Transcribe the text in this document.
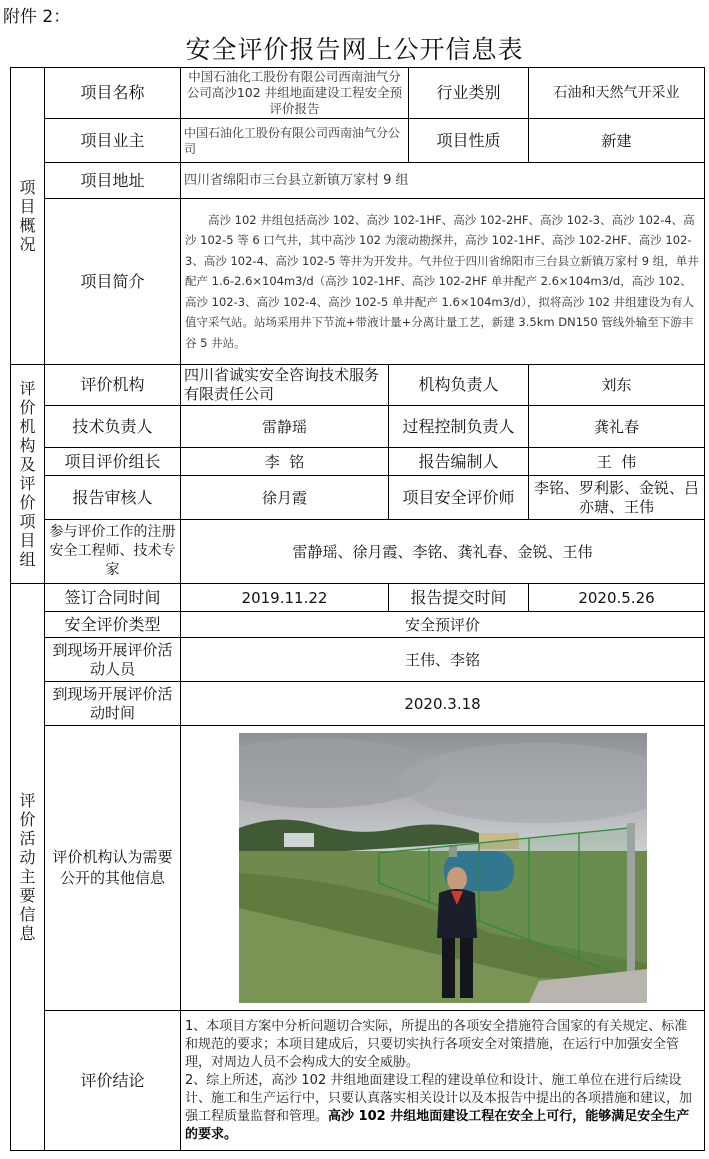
附件 2：
安全评价报告网上公开信息表
项目概况	项目名称	中国石油化工股份有限公司西南油气分公司高沙102 井组地面建设工程安全预评价报告		行业类别	石油和天然气开采业
	项目业主	中国石油化工股份有限公司西南油气分公司		项目性质	新建
	项目地址	四川省绵阳市三台县立新镇万家村 9 组			
	项目简介	高沙 102 井组包括高沙 102、高沙 102-1HF、高沙 102-2HF、高沙 102-3、高沙 102-4、高沙 102-5 等 6 口气井，其中高沙 102 为滚动勘探井，高沙 102-1HF、高沙 102-2HF、高沙 102-3、高沙 102-4、高沙 102-5 等井为开发井。气井位于四川省绵阳市三台县立新镇万家村 9 组，单井配产 1.6-2.6×104m3/d（高沙 102-1HF、高沙 102-2HF 单井配产 2.6×104m3/d，高沙 102、高沙 102-3、高沙 102-4、高沙 102-5 单井配产 1.6×104m3/d），拟将高沙 102 井组建设为有人值守采气站。站场采用井下节流+带液计量+分离计量工艺，新建 3.5km DN150 管线外输至下游丰谷 5 井站。			
评价机构及评价项目组	评价机构	四川省诚实安全咨询技术服务有限责任公司	机构负责人		刘东
	技术负责人	雷静瑶	过程控制负责人		龚礼春
	项目评价组长	李  铭	报告编制人		王  伟
	报告审核人	徐月霞	项目安全评价师		李铭、罗利影、金锐、吕亦瑭、王伟
	参与评价工作的注册安全工程师、技术专家	雷静瑶、徐月霞、李铭、龚礼春、金锐、王伟			
评价活动主要信息	签订合同时间	2019.11.22	报告提交时间		2020.5.26
	安全评价类型	安全预评价			
	到现场开展评价活动人员	王伟、李铭			
	到现场开展评价活动时间	2020.3.18			
	评价机构认为需要公开的其他信息	

	评价结论	1、本项目方案中分析问题切合实际，所提出的各项安全措施符合国家的有关规定、标准和规范的要求；本项目建成后，只要切实执行各项安全对策措施，在运行中加强安全管理，对周边人员不会构成大的安全威胁。
2、综上所述，高沙 102 井组地面建设工程的建设单位和设计、施工单位在进行后续设计、施工和生产运行中，只要认真落实相关设计以及本报告中提出的各项措施和建议，加强工程质量监督和管理。高沙 102 井组地面建设工程在安全上可行，能够满足安全生产的要求。			
